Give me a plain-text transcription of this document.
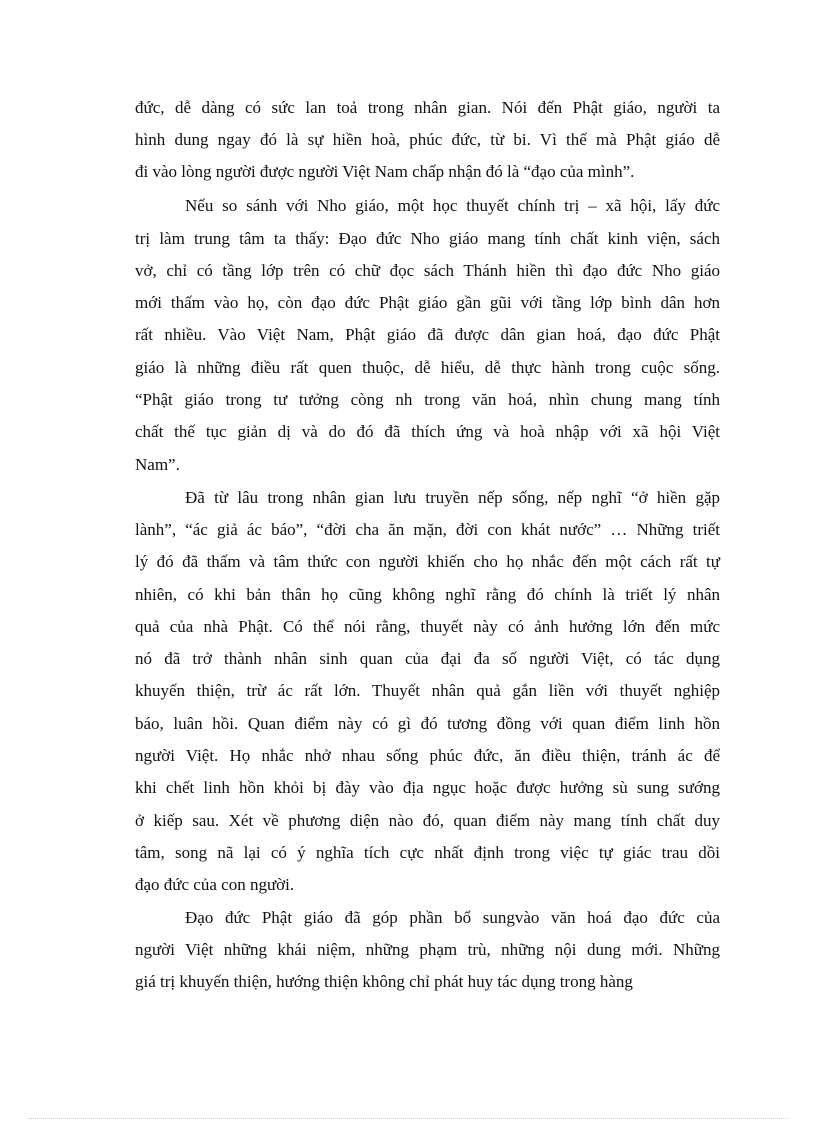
đức, dễ dàng có sức lan toả trong nhân gian. Nói đến Phật giáo, người ta
hình dung ngay đó là sự hiền hoà, phúc đức, từ bi. Vì thế mà Phật giáo dễ
đi vào lòng người được người Việt Nam chấp nhận đó là “đạo của mình”.
Nếu so sánh với Nho giáo, một học thuyết chính trị – xã hội, lấy đức
trị làm trung tâm ta thấy: Đạo đức Nho giáo mang tính chất kinh viện, sách
vở, chỉ có tầng lớp trên có chữ đọc sách Thánh hiền thì đạo đức Nho giáo
mới thấm vào họ, còn đạo đức Phật giáo gần gũi với tầng lớp bình dân hơn
rất nhiều. Vào Việt Nam, Phật giáo đã được dân gian hoá, đạo đức Phật
giáo là những điều rất quen thuộc, dễ hiểu, dễ thực hành trong cuộc sống.
“Phật giáo trong tư tưởng còng nh trong văn hoá, nhìn chung mang tính
chất thế tục giản dị và do đó đã thích ứng và hoà nhập với xã hội Việt
Nam”.
Đã từ lâu trong nhân gian lưu truyền nếp sống, nếp nghĩ “ở hiền gặp
lành”, “ác giả ác báo”, “đời cha ăn mặn, đời con khát nước” … Những triết
lý đó đã thấm và tâm thức con người khiến cho họ nhắc đến một cách rất tự
nhiên, có khi bản thân họ cũng không nghĩ rằng đó chính là triết lý nhân
quả của nhà Phật. Có thể nói rằng, thuyết này có ảnh hưởng lớn đến mức
nó đã trở thành nhân sinh quan của đại đa số người Việt, có tác dụng
khuyến thiện, trừ ác rất lớn. Thuyết nhân quả gắn liền với thuyết nghiệp
báo, luân hồi. Quan điểm này có gì đó tương đồng với quan điểm linh hồn
người Việt. Họ nhắc nhở nhau sống phúc đức, ăn điều thiện, tránh ác để
khi chết linh hồn khỏi bị đày vào địa ngục hoặc được hưởng sù sung sướng
ở kiếp sau. Xét về phương diện nào đó, quan điểm này mang tính chất duy
tâm, song nã lại có ý nghĩa tích cực nhất định trong việc tự giác trau dồi
đạo đức của con người.
Đạo đức Phật giáo đã góp phần bổ sungvào văn hoá đạo đức của
người Việt những khái niệm, những phạm trù, những nội dung mới. Những
giá trị khuyến thiện, hướng thiện không chỉ phát huy tác dụng trong hàng
